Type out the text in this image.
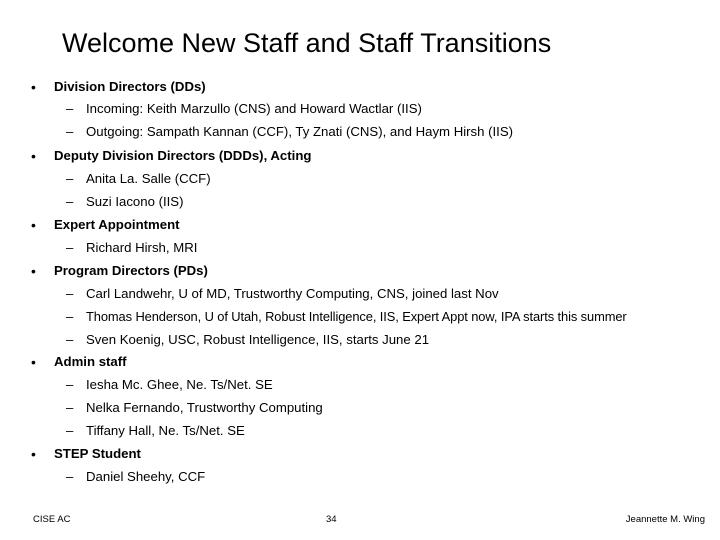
Welcome New Staff and Staff Transitions
• Division Directors (DDs)
– Incoming: Keith Marzullo (CNS) and Howard Wactlar (IIS)
– Outgoing: Sampath Kannan (CCF), Ty Znati (CNS), and Haym Hirsh (IIS)
• Deputy Division Directors (DDDs), Acting
– Anita La. Salle (CCF)
– Suzi Iacono (IIS)
• Expert Appointment
– Richard Hirsh, MRI
• Program Directors (PDs)
– Carl Landwehr, U of MD, Trustworthy Computing, CNS, joined last Nov
– Thomas Henderson, U of Utah, Robust Intelligence, IIS, Expert Appt now, IPA starts this summer
– Sven Koenig, USC, Robust Intelligence, IIS, starts June 21
• Admin staff
– Iesha Mc. Ghee, Ne. Ts/Net. SE
– Nelka Fernando, Trustworthy Computing
– Tiffany Hall, Ne. Ts/Net. SE
• STEP Student
– Daniel Sheehy, CCF
CISE AC	34	Jeannette M. Wing
